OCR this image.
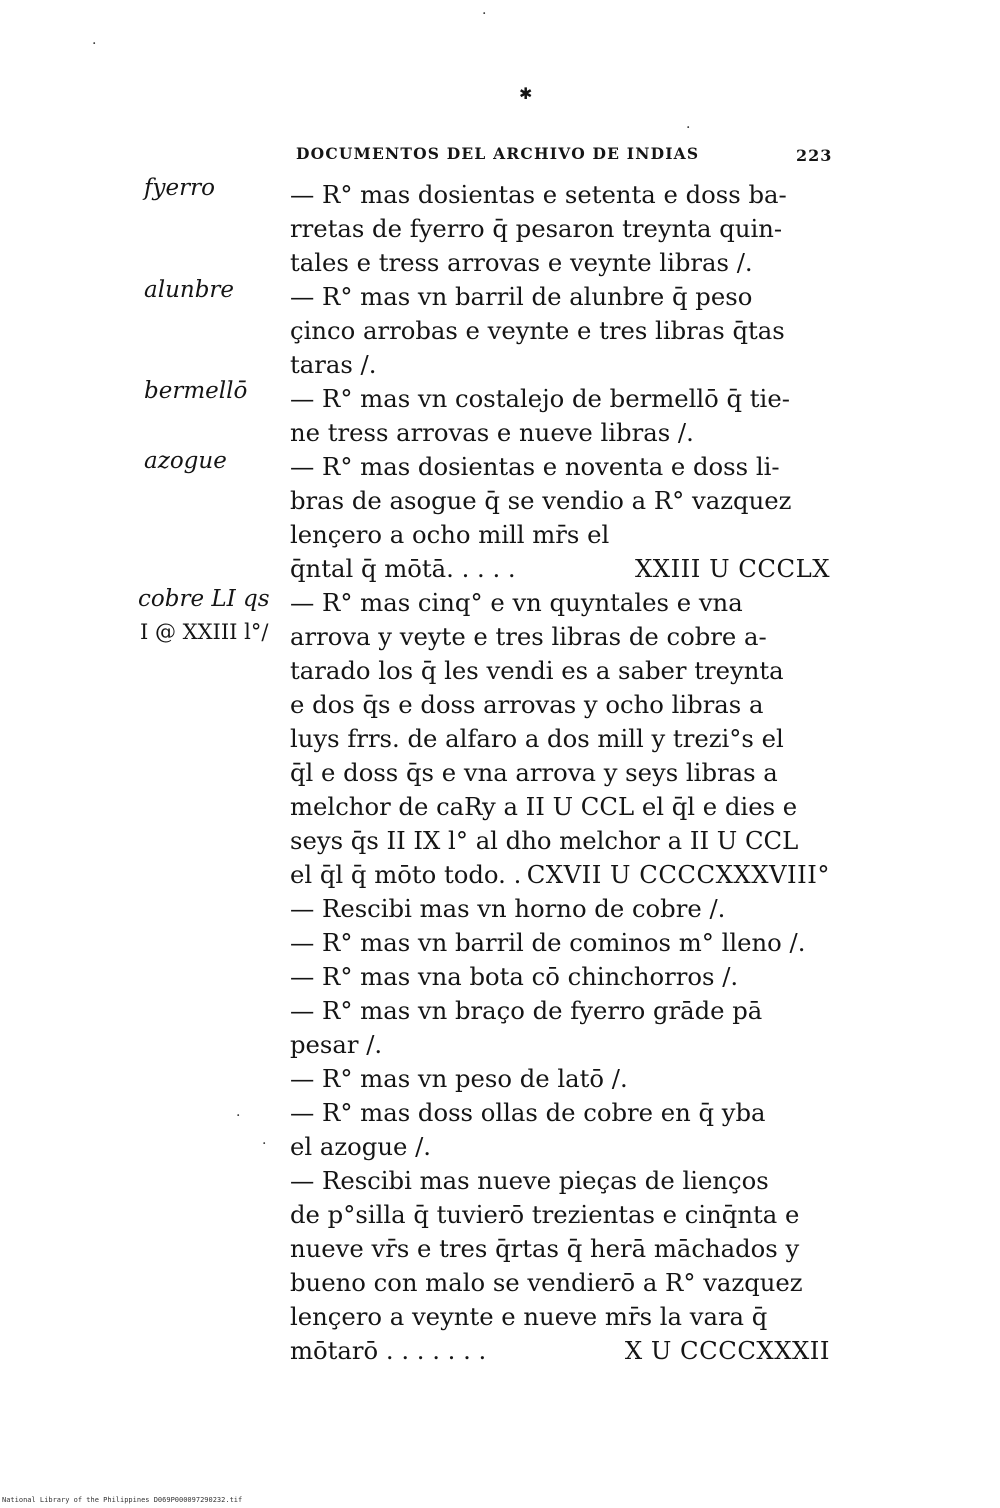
✱
·
·
·
·
·
DOCUMENTOS DEL ARCHIVO DE INDIAS	223
fyerro
alunbre
bermellō
azogue
cobre LI qs
I @ XXIII l°/

— R° mas dosientas e setenta e doss ba-
rretas de fyerro q̄ pesaron treynta quin-
tales e tress arrovas e veynte libras /.

— R° mas vn barril de alunbre q̄ peso
çinco arrobas e veynte e tres libras q̄tas
taras /.

— R° mas vn costalejo de bermellō q̄ tie-
ne tress arrovas e nueve libras /.

— R° mas dosientas e noventa e doss li-
bras de asogue q̄ se vendio a R° vazquez
lençero a ocho mill mr̄s el

q̄ntal q̄ mōtā. . . . .	XXIII U CCCLX

— R° mas cinq° e vn quyntales e vna
arrova y veyte e tres libras de cobre a-
tarado los q̄ les vendi es a saber treynta
e dos q̄s e doss arrovas y ocho libras a
luys frrs. de alfaro a dos mill y trezi°s el
q̄l e doss q̄s e vna arrova y seys libras a
melchor de caRy a II U CCL el q̄l e dies e
seys q̄s II IX l° al dho melchor a II U CCL

el q̄l q̄ mōto todo. . CXVII U CCCCXXXVIII°

— Rescibi mas vn horno de cobre /.
— R° mas vn barril de cominos m° lleno /.
— R° mas vna bota cō chinchorros /.
— R° mas vn braço de fyerro grāde pā
pesar /.
— R° mas vn peso de latō /.
— R° mas doss ollas de cobre en q̄ yba
el azogue /.

— Rescibi mas nueve pieças de lienços
de p°silla q̄ tuvierō trezientas e cinq̄nta e
nueve vr̄s e tres q̄rtas q̄ herā māchados y
bueno con malo se vendierō a R° vazquez
lençero a veynte e nueve mr̄s la vara q̄

mōtarō . . . . . . .	X U CCCCXXXII

National Library of the Philippines D069P000097290232.tif
